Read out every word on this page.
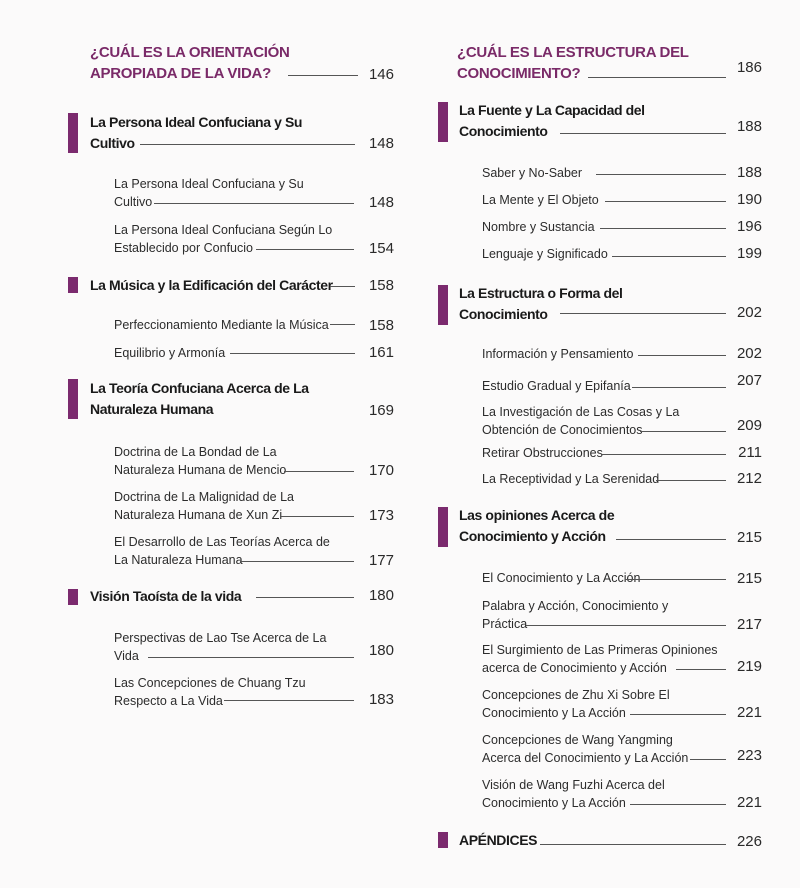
¿CUÁL ES LA ORIENTACIÓN
APROPIADA DE LA VIDA?	146
La Persona Ideal Confuciana y Su
Cultivo	148
La Persona Ideal Confuciana y Su
Cultivo	148
La Persona Ideal Confuciana Según Lo
Establecido por Confucio	154
La Música y la Edificación del Carácter	158
Perfeccionamiento Mediante la Música	158
Equilibrio y Armonía	161
La Teoría Confuciana Acerca de La
Naturaleza Humana	169
Doctrina de La Bondad de La
Naturaleza Humana de Mencio	170
Doctrina de La Malignidad de La
Naturaleza Humana de Xun Zi	173
El Desarrollo de Las Teorías Acerca de
La Naturaleza Humana	177
Visión Taoísta de la vida	180
Perspectivas de Lao Tse Acerca de La
Vida	180
Las Concepciones de Chuang Tzu
Respecto a La Vida	183
¿CUÁL ES LA ESTRUCTURA DEL
CONOCIMIENTO?	186
La Fuente y La Capacidad del
Conocimiento	188
Saber y No-Saber	188
La Mente y El Objeto	190
Nombre y Sustancia	196
Lenguaje y Significado	199
La Estructura o Forma del
Conocimiento	202
Información y Pensamiento	202
Estudio Gradual y Epifanía	207
La Investigación de Las Cosas y La
Obtención de Conocimientos	209
Retirar Obstrucciones	211
La Receptividad y La Serenidad	212
Las opiniones Acerca de
Conocimiento y Acción	215
El Conocimiento y La Acción	215
Palabra y Acción, Conocimiento y
Práctica	217
El Surgimiento de Las Primeras Opiniones
acerca de Conocimiento y Acción	219
Concepciones de Zhu Xi Sobre El
Conocimiento y La Acción	221
Concepciones de Wang Yangming
Acerca del Conocimiento y La Acción	223
Visión de Wang Fuzhi Acerca del
Conocimiento y La Acción	221
APÉNDICES	226
